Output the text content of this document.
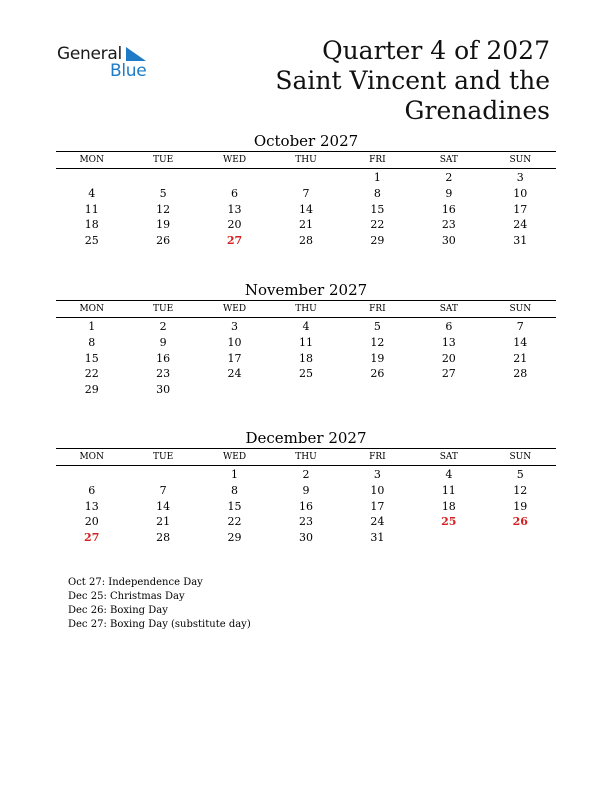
General
Blue
Quarter 4 of 2027
Saint Vincent and the
Grenadines
October 2027
MON	TUE	WED	THU	FRI	SAT	SUN
				1	2	3
4	5	6	7	8	9	10
11	12	13	14	15	16	17
18	19	20	21	22	23	24
25	26	27	28	29	30	31
November 2027
MON	TUE	WED	THU	FRI	SAT	SUN
1	2	3	4	5	6	7
8	9	10	11	12	13	14
15	16	17	18	19	20	21
22	23	24	25	26	27	28
29	30					
December 2027
MON	TUE	WED	THU	FRI	SAT	SUN
		1	2	3	4	5
6	7	8	9	10	11	12
13	14	15	16	17	18	19
20	21	22	23	24	25	26
27	28	29	30	31		
Oct 27: Independence Day
Dec 25: Christmas Day
Dec 26: Boxing Day
Dec 27: Boxing Day (substitute day)
